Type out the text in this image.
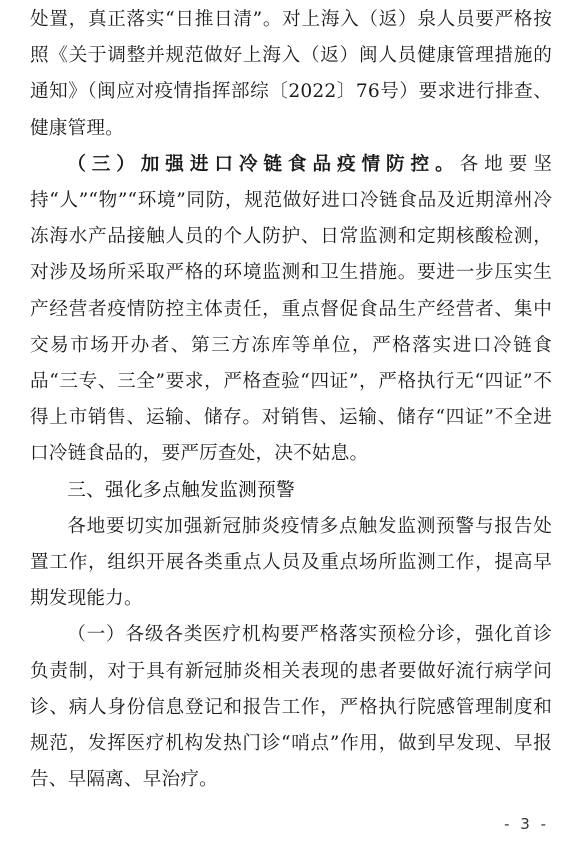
处置，真正落实“日推日清”。对上海入（返）泉人员要严格按照《关于调整并规范做好上海入（返）闽人员健康管理措施的通知》（闽应对疫情指挥部综〔2022〕76号）要求进行排查、健康管理。

（三）加强进口冷链食品疫情防控。各地要坚持“人”“物”“环境”同防，规范做好进口冷链食品及近期漳州冷冻海水产品接触人员的个人防护、日常监测和定期核酸检测，对涉及场所采取严格的环境监测和卫生措施。要进一步压实生产经营者疫情防控主体责任，重点督促食品生产经营者、集中交易市场开办者、第三方冻库等单位，严格落实进口冷链食品“三专、三全”要求，严格查验“四证”，严格执行无“四证”不得上市销售、运输、储存。对销售、运输、储存“四证”不全进口冷链食品的，要严厉查处，决不姑息。

三、强化多点触发监测预警

各地要切实加强新冠肺炎疫情多点触发监测预警与报告处置工作，组织开展各类重点人员及重点场所监测工作，提高早期发现能力。

（一）各级各类医疗机构要严格落实预检分诊，强化首诊负责制，对于具有新冠肺炎相关表现的患者要做好流行病学问诊、病人身份信息登记和报告工作，严格执行院感管理制度和规范，发挥医疗机构发热门诊“哨点”作用，做到早发现、早报告、早隔离、早治疗。

- 3 -
